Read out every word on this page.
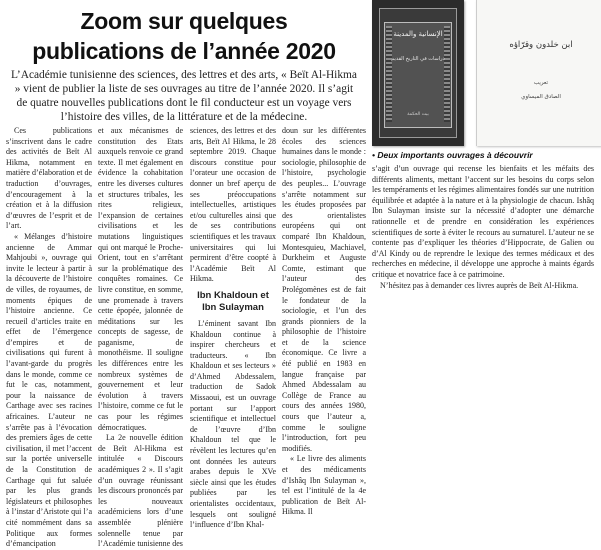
Zoom sur quelques
publications de l’année 2020
L’Académie tunisienne des sciences, des lettres et des arts, « Beït Al-Hikma » vient de publier la liste de ses ouvrages au titre de l’année 2020. Il s’agit de quatre nouvelles publications dont le fil conducteur est un voyage vers l’histoire des villes, de la littérature et de la médecine.

Ces publications s’inscrivent dans le cadre des activités de Beït Al Hikma, notamment en matière d’élaboration et de traduction d’ouvrages, d’encouragement à la création et à la diffusion d’œuvres de l’esprit et de l’art.

« Mélanges d’histoire ancienne de Ammar Mahjoubi », ouvrage qui invite le lecteur à partir à la découverte de l’histoire de villes, de royaumes, de moments épiques de l’histoire ancienne. Ce recueil d’articles traite en effet de l’émergence d’empires et de civilisations qui furent à l’avant-garde du progrès dans le monde, comme ce fut le cas, notamment, pour la naissance de Carthage avec ses racines africaines. L’auteur ne s’arrête pas à l’évocation des premiers âges de cette civilisation, il met l’accent sur la portée universelle de la Constitution de Carthage qui fut saluée par les plus grands législateurs et philosophes à l’instar d’Aristote qui l’a cité nommément dans sa Politique aux formes d’émancipation

et aux mécanismes de constitution des Etats auxquels renvoie ce grand texte. Il met également en évidence la cohabitation entre les diverses cultures et structures tribales, les rites religieux, l’expansion de certaines civilisations et les mutations linguistiques qui ont marqué le Proche-Orient, tout en s’arrêtant sur la problématique des conquêtes romaines. Ce livre constitue, en somme, une promenade à travers cette épopée, jalonnée de méditations sur les concepts de sagesse, de paganisme, de monothéisme. Il souligne les différences entre les nombreux systèmes de gouvernement et leur évolution à travers l’histoire, comme ce fut le cas pour les régimes démocratiques.

La 2e nouvelle édition de Beït Al-Hikma est intitulée « Discours académiques 2 ». Il s’agit d’un ouvrage réunissant les discours prononcés par les nouveaux académiciens lors d’une assemblée plénière solennelle tenue par l’Académie tunisienne des

sciences, des lettres et des arts, Beït Al Hikma, le 28 septembre 2019. Chaque discours constitue pour l’orateur une occasion de donner un bref aperçu de ses préoccupations intellectuelles, artistiques et/ou culturelles ainsi que de ses contributions scientifiques et les travaux universitaires qui lui permirent d’être coopté à l’Académie Beït Al Hikma.

Ibn Khaldoun et Ibn Sulayman

L’éminent savant Ibn Khaldoun continue à inspirer chercheurs et traducteurs. « Ibn Khaldoun et ses lecteurs » d’Ahmed Abdessalem, traduction de Sadok Missaoui, est un ouvrage portant sur l’apport scientifique et intellectuel de l’œuvre d’Ibn Khaldoun tel que le révèlent les lectures qu’en ont données les auteurs arabes depuis le XVe siècle ainsi que les études publiées par les orientalistes occidentaux, lesquels ont souligné l’influence d’Ibn Khal-

doun sur les différentes écoles des sciences humaines dans le monde : sociologie, philosophie de l’histoire, psychologie des peuples... L’ouvrage s’arrête notamment sur les études proposées par des orientalistes européens qui ont comparé Ibn Khaldoun, Montesquieu, Machiavel, Durkheim et Auguste Comte, estimant que l’auteur des Prolégomènes est de fait le fondateur de la sociologie, et l’un des grands pionniers de la philosophie de l’histoire et de la science économique. Ce livre a été publié en 1983 en langue française par Ahmed Abdessalam au Collège de France au cours des années 1980, cours que l’auteur a, comme le souligne l’introduction, fort peu modifiés.

« Le livre des aliments et des médicaments d’Ishâq Ibn Sulayman », tel est l’intitulé de la 4e publication de Beït Al-Hikma. Il

الإنسانية والمدينة
دراسات في التاريخ القديم
بيت الحكمة
ابن خلدون وقرّاؤه
تعريب
الصادق الميساوي
• Deux importants ouvrages à découvrir

s’agit d’un ouvrage qui recense les bienfaits et les méfaits des différents aliments, mettant l’accent sur les besoins du corps selon les tempéraments et les régimes alimentaires fondés sur une nutrition équilibrée et adaptée à la nature et à la physiologie de chacun. Ishâq Ibn Sulayman insiste sur la nécessité d’adopter une démarche rationnelle et de prendre en considération les expériences scientifiques de sorte à éviter le recours au surnaturel. L’auteur ne se contente pas d’expliquer les théories d’Hippocrate, de Galien ou d’Al Kindy ou de reprendre le lexique des termes médicaux et des recherches en médecine, il développe une approche à maints égards critique et novatrice face à ce patrimoine.

N’hésitez pas à demander ces livres auprès de Beït Al-Hikma.
